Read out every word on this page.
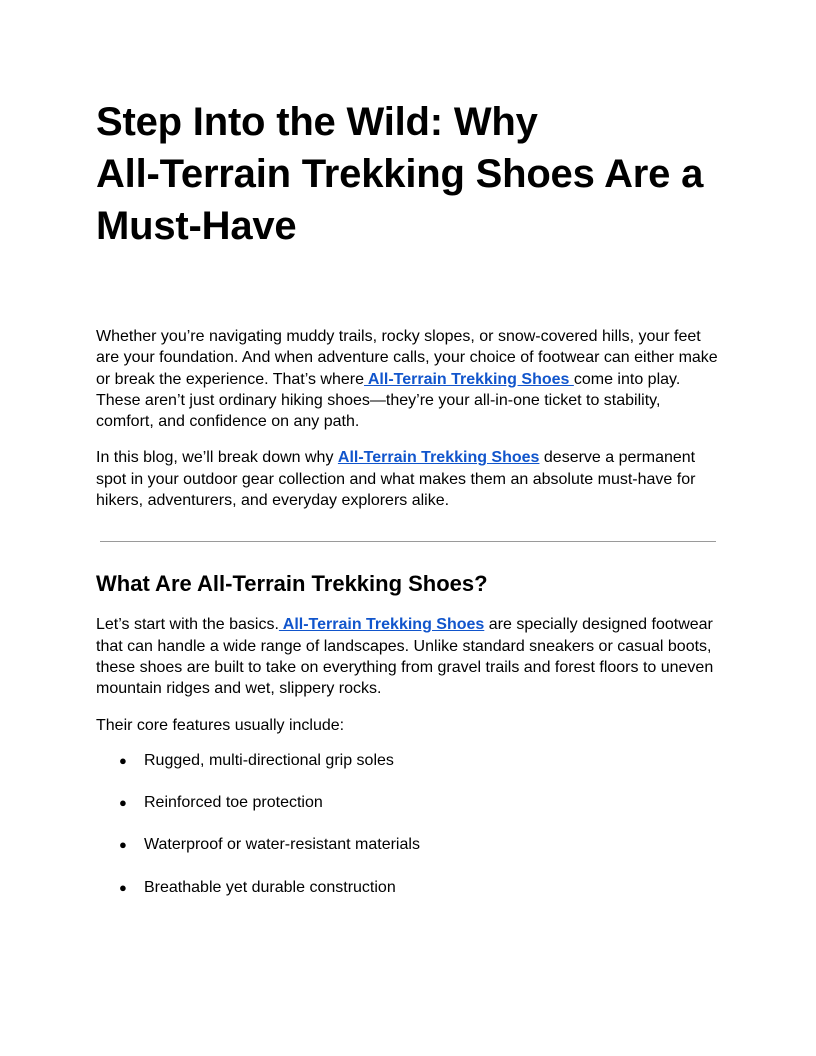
Step Into the Wild: Why
All-Terrain Trekking Shoes Are a
Must-Have

Whether you’re navigating muddy trails, rocky slopes, or snow-covered hills, your feet are your foundation. And when adventure calls, your choice of footwear can either make or break the experience. That’s where All-Terrain Trekking Shoes come into play. These aren’t just ordinary hiking shoes—they’re your all-in-one ticket to stability, comfort, and confidence on any path.

In this blog, we’ll break down why All-Terrain Trekking Shoes deserve a permanent spot in your outdoor gear collection and what makes them an absolute must-have for hikers, adventurers, and everyday explorers alike.

What Are All-Terrain Trekking Shoes?

Let’s start with the basics. All-Terrain Trekking Shoes are specially designed footwear that can handle a wide range of landscapes. Unlike standard sneakers or casual boots, these shoes are built to take on everything from gravel trails and forest floors to uneven mountain ridges and wet, slippery rocks.

Their core features usually include:

● Rugged, multi-directional grip soles
● Reinforced toe protection
● Waterproof or water-resistant materials
● Breathable yet durable construction
